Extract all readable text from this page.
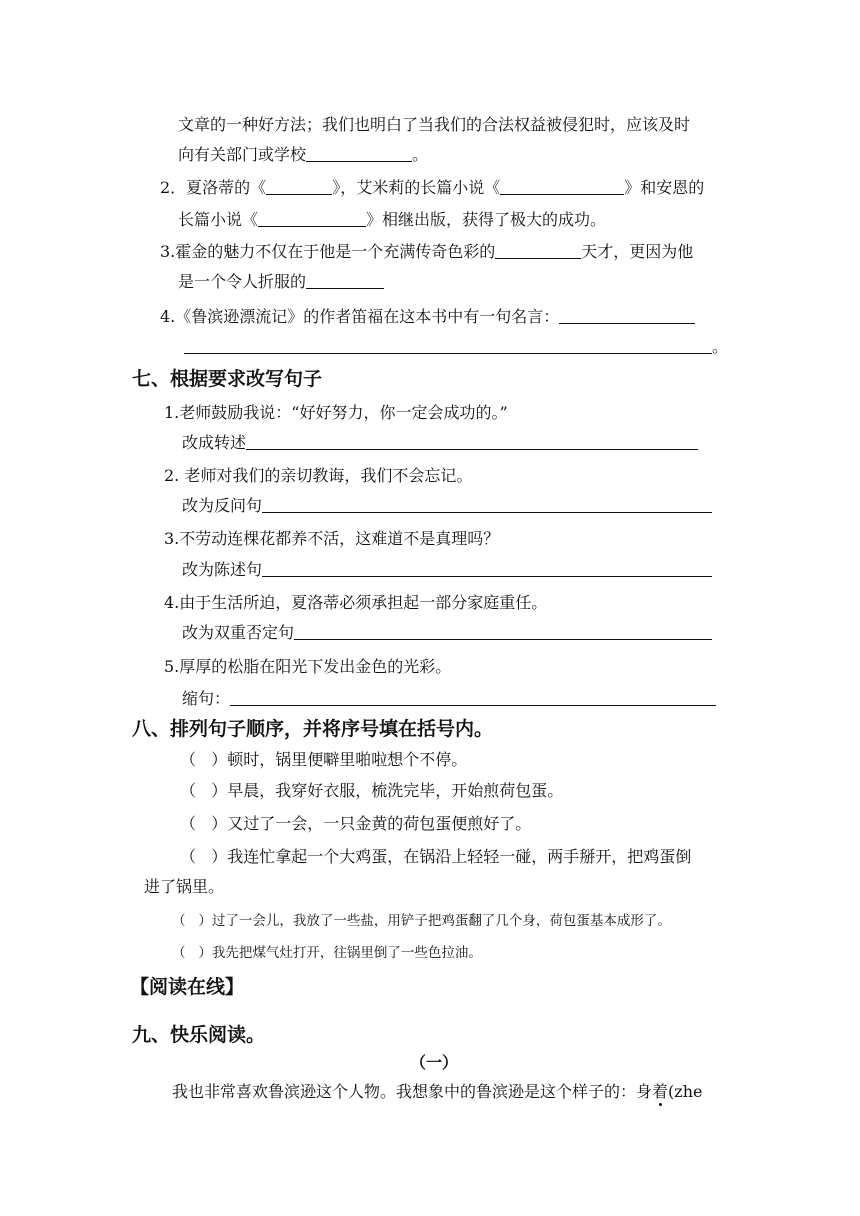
文章的一种好方法；我们也明白了当我们的合法权益被侵犯时，应该及时
向有关部门或学校	。
2．夏洛蒂的《	》，艾米莉的长篇小说《	》和安恩的
长篇小说《	》相继出版，获得了极大的成功。
3.霍金的魅力不仅在于他是一个充满传奇色彩的	天才，更因为他
是一个令人折服的
4.《鲁滨逊漂流记》的作者笛福在这本书中有一句名言：
。
七、根据要求改写句子
1.老师鼓励我说：“好好努力，你一定会成功的。”
改成转述
2. 老师对我们的亲切教诲，我们不会忘记。
改为反问句
3.不劳动连棵花都养不活，这难道不是真理吗？
改为陈述句
4.由于生活所迫，夏洛蒂必须承担起一部分家庭重任。
改为双重否定句
5.厚厚的松脂在阳光下发出金色的光彩。
缩句：
八、排列句子顺序，并将序号填在括号内。
（   ）顿时，锅里便噼里啪啦想个不停。
（   ）早晨，我穿好衣服，梳洗完毕，开始煎荷包蛋。
（   ）又过了一会，一只金黄的荷包蛋便煎好了。
（   ）我连忙拿起一个大鸡蛋，在锅沿上轻轻一碰，两手掰开，把鸡蛋倒
进了锅里。
（   ）过了一会儿，我放了一些盐，用铲子把鸡蛋翻了几个身，荷包蛋基本成形了。
（   ）我先把煤气灶打开，往锅里倒了一些色拉油。
【阅读在线】
九、快乐阅读。
（一）
我也非常喜欢鲁滨逊这个人物。我想象中的鲁滨逊是这个样子的：身着(zhe
